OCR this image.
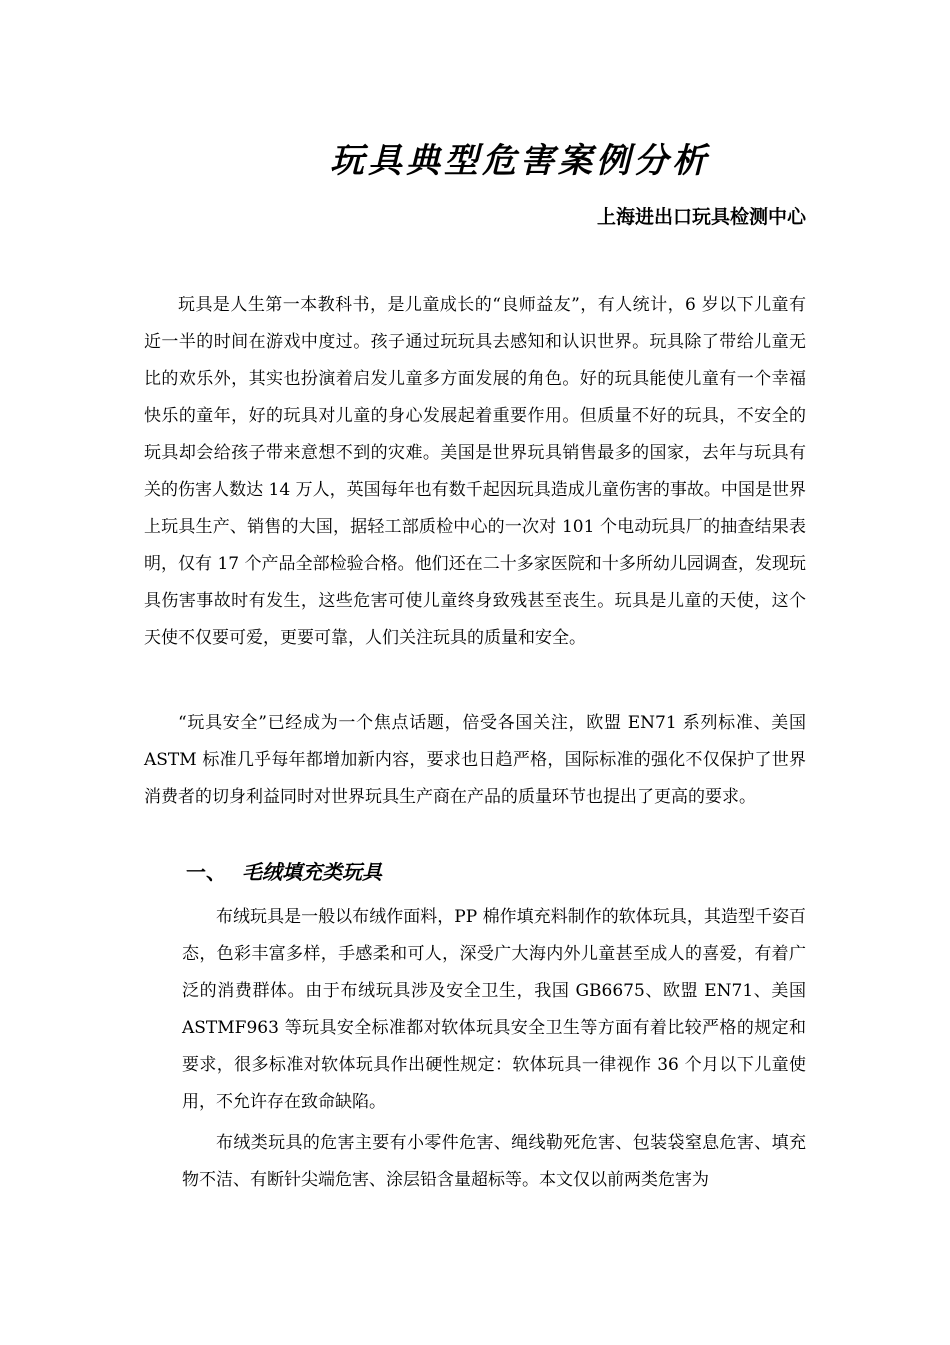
玩具典型危害案例分析
上海进出口玩具检测中心

玩具是人生第一本教科书，是儿童成长的“良师益友”，有人统计，6 岁以下儿童有近一半的时间在游戏中度过。孩子通过玩玩具去感知和认识世界。玩具除了带给儿童无比的欢乐外，其实也扮演着启发儿童多方面发展的角色。好的玩具能使儿童有一个幸福快乐的童年，好的玩具对儿童的身心发展起着重要作用。但质量不好的玩具，不安全的玩具却会给孩子带来意想不到的灾难。美国是世界玩具销售最多的国家，去年与玩具有关的伤害人数达 14 万人，英国每年也有数千起因玩具造成儿童伤害的事故。中国是世界上玩具生产、销售的大国，据轻工部质检中心的一次对 101 个电动玩具厂的抽查结果表明，仅有 17 个产品全部检验合格。他们还在二十多家医院和十多所幼儿园调查，发现玩具伤害事故时有发生，这些危害可使儿童终身致残甚至丧生。玩具是儿童的天使，这个天使不仅要可爱，更要可靠，人们关注玩具的质量和安全。

“玩具安全”已经成为一个焦点话题，倍受各国关注，欧盟 EN71 系列标准、美国 ASTM 标准几乎每年都增加新内容，要求也日趋严格，国际标准的强化不仅保护了世界消费者的切身利益同时对世界玩具生产商在产品的质量环节也提出了更高的要求。

一、 毛绒填充类玩具

布绒玩具是一般以布绒作面料，PP 棉作填充料制作的软体玩具，其造型千姿百态，色彩丰富多样，手感柔和可人，深受广大海内外儿童甚至成人的喜爱，有着广泛的消费群体。由于布绒玩具涉及安全卫生，我国 GB6675、欧盟 EN71、美国 ASTMF963 等玩具安全标准都对软体玩具安全卫生等方面有着比较严格的规定和要求，很多标准对软体玩具作出硬性规定：软体玩具一律视作 36 个月以下儿童使用，不允许存在致命缺陷。

布绒类玩具的危害主要有小零件危害、绳线勒死危害、包装袋窒息危害、填充物不洁、有断针尖端危害、涂层铅含量超标等。本文仅以前两类危害为
